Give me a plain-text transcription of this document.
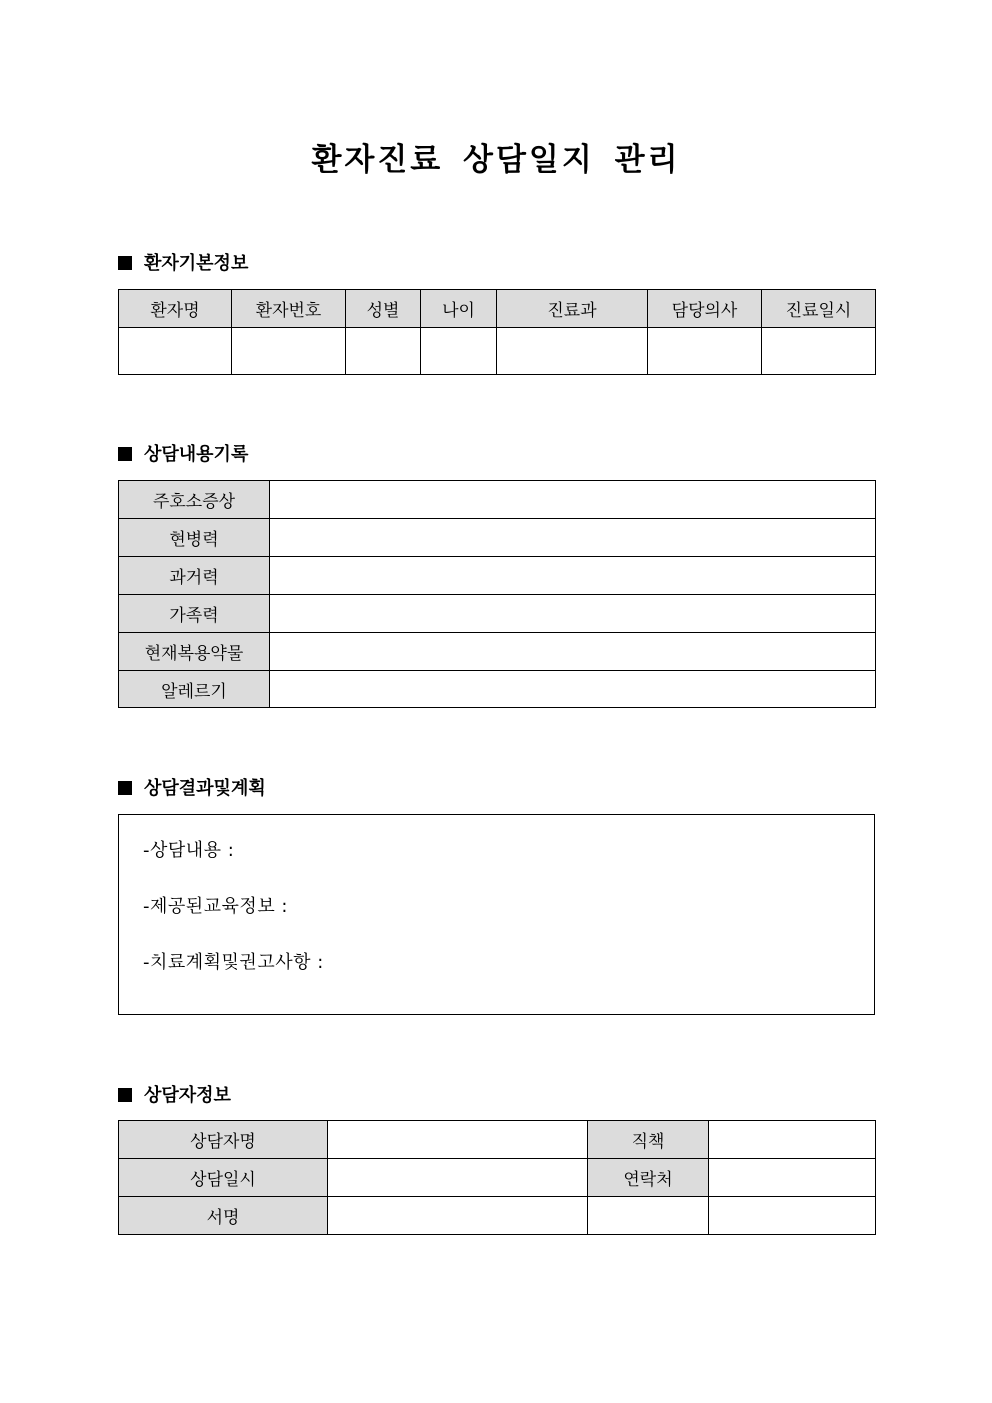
환자진료 상담일지 관리
환자기본정보
환자명	환자번호	성별	나이	진료과	담당의사	진료일시

상담내용기록
주호소증상	
현병력	
과거력	
가족력	
현재복용약물	
알레르기	
상담결과및계획
-상담내용 :
-제공된교육정보 :
-치료계획및권고사항 :
상담자정보
상담자명		직책	
상담일시		연락처	
서명			
